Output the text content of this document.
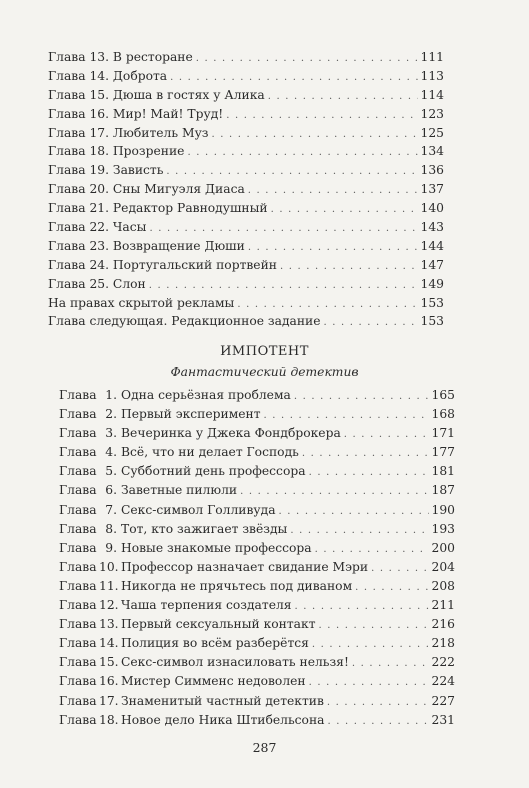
Глава 13. В ресторане . . .	111
Глава 14. Доброта . . .	113
Глава 15. Дюша в гостях у Алика . . .	114
Глава 16. Мир! Май! Труд! . . .	123
Глава 17. Любитель Муз . . .	125
Глава 18. Прозрение . . .	134
Глава 19. Зависть . . .	136
Глава 20. Сны Мигуэля Диаса . . .	137
Глава 21. Редактор Равнодушный . . .	140
Глава 22. Часы . . .	143
Глава 23. Возвращение Дюши . . .	144
Глава 24. Португальский портвейн . . .	147
Глава 25. Слон . . .	149
На правах скрытой рекламы . . .	153
Глава следующая. Редакционное задание . . .	153
ИМПОТЕНТ
Фантастический детектив
Глава 1. Одна серьёзная проблема . . .	165
Глава 2. Первый эксперимент . . .	168
Глава 3. Вечеринка у Джека Фондброкера . . .	171
Глава 4. Всё, что ни делает Господь . . .	177
Глава 5. Субботний день профессора . . .	181
Глава 6. Заветные пилюли . . .	187
Глава 7. Секс-символ Голливуда . . .	190
Глава 8. Тот, кто зажигает звёзды . . .	193
Глава 9. Новые знакомые профессора . . .	200
Глава 10. Профессор назначает свидание Мэри . . .	204
Глава 11. Никогда не прячьтесь под диваном . . .	208
Глава 12. Чаша терпения создателя . . .	211
Глава 13. Первый сексуальный контакт . . .	216
Глава 14. Полиция во всём разберётся . . .	218
Глава 15. Секс-символ изнасиловать нельзя! . . .	222
Глава 16. Мистер Симменс недоволен . . .	224
Глава 17. Знаменитый частный детектив . . .	227
Глава 18. Новое дело Ника Штибельсона . . .	231
287
